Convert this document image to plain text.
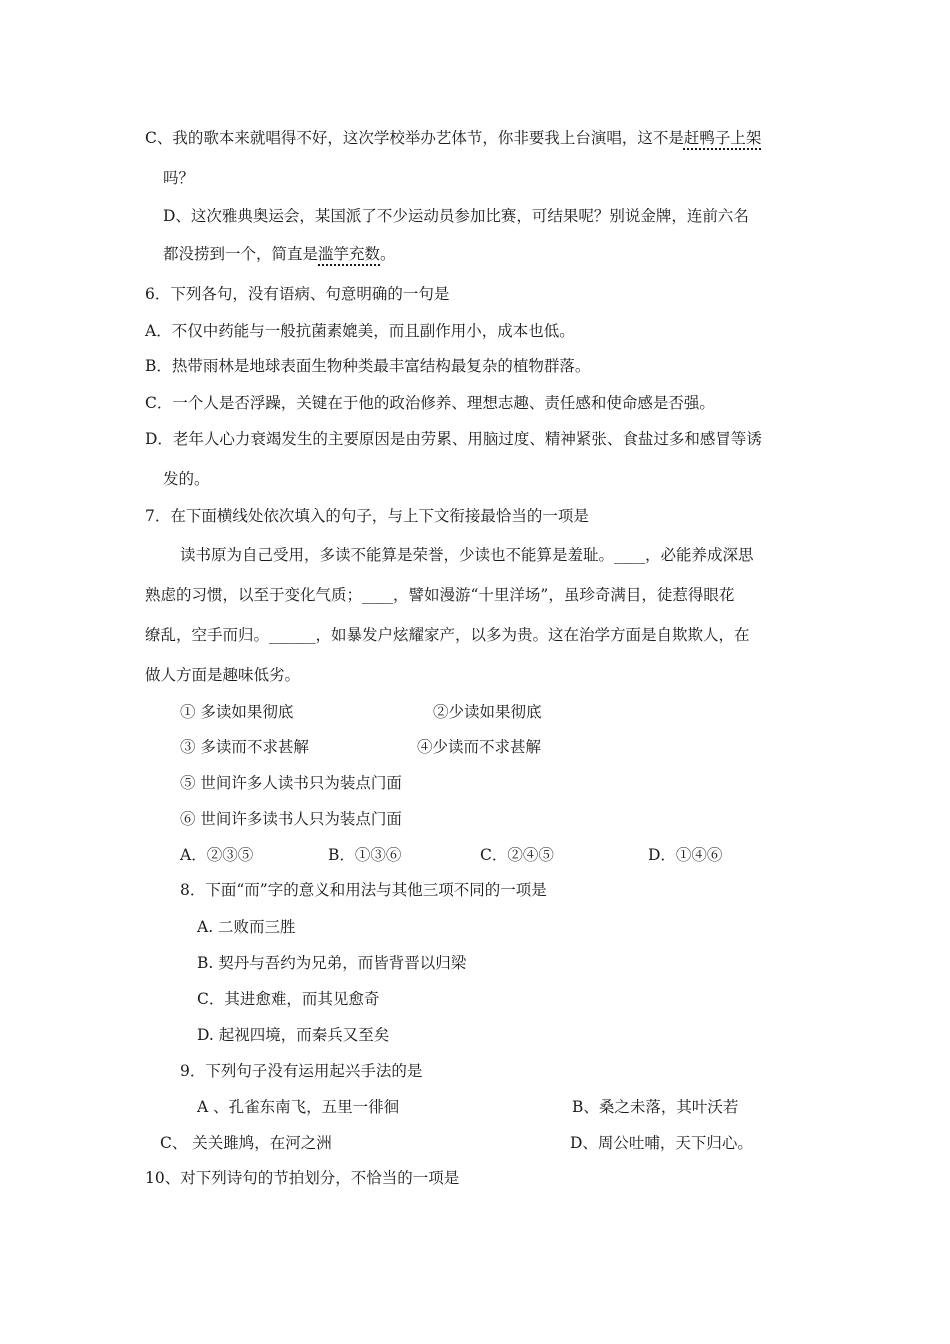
C、我的歌本来就唱得不好，这次学校举办艺体节，你非要我上台演唱，这不是赶鸭子上架
吗？
D、这次雅典奥运会，某国派了不少运动员参加比赛，可结果呢？别说金牌，连前六名
都没捞到一个，简直是滥竽充数。
6．下列各句，没有语病、句意明确的一句是
A．不仅中药能与一般抗菌素媲美，而且副作用小，成本也低。
B．热带雨林是地球表面生物种类最丰富结构最复杂的植物群落。
C．一个人是否浮躁，关键在于他的政治修养、理想志趣、责任感和使命感是否强。
D．老年人心力衰竭发生的主要原因是由劳累、用脑过度、精神紧张、食盐过多和感冒等诱
发的。
7．在下面横线处依次填入的句子，与上下文衔接最恰当的一项是
读书原为自己受用，多读不能算是荣誉，少读也不能算是羞耻。____，必能养成深思
熟虑的习惯，以至于变化气质；____，譬如漫游“十里洋场”，虽珍奇满目，徒惹得眼花
缭乱，空手而归。______，如暴发户炫耀家产，以多为贵。这在治学方面是自欺欺人，在
做人方面是趣味低劣。
① 多读如果彻底	②少读如果彻底
③ 多读而不求甚解	④少读而不求甚解
⑤ 世间许多人读书只为装点门面
⑥ 世间许多读书人只为装点门面
A．②③⑤	B．①③⑥	C．②④⑤	D．①④⑥
8．下面“而”字的意义和用法与其他三项不同的一项是
A. 二败而三胜
B. 契丹与吾约为兄弟，而皆背晋以归梁
C．其进愈难，而其见愈奇
D. 起视四境，而秦兵又至矣
9．下列句子没有运用起兴手法的是
A 、孔雀东南飞，五里一徘徊	B、桑之未落，其叶沃若
C、 关关雎鸠，在河之洲	D、周公吐哺，天下归心。
10、对下列诗句的节拍划分，不恰当的一项是
